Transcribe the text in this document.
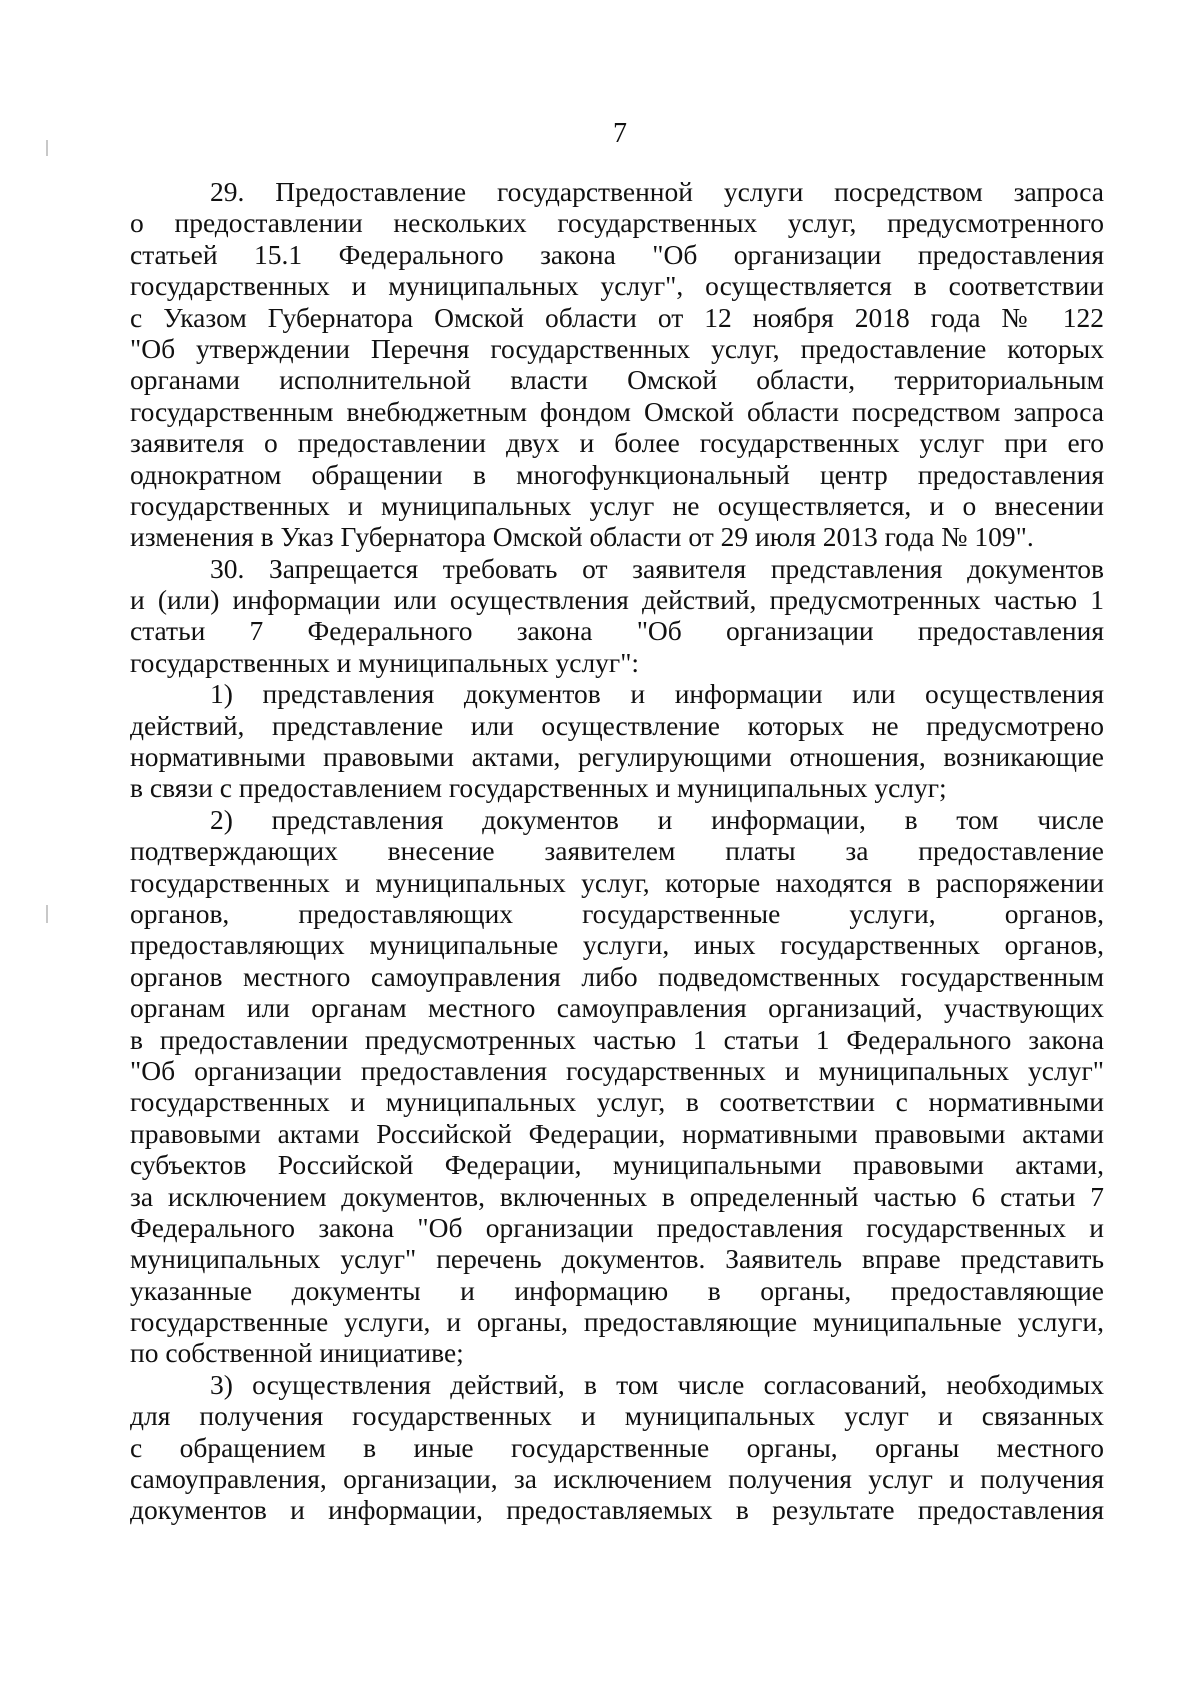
7
29. Предоставление государственной услуги посредством запроса
о предоставлении нескольких государственных услуг, предусмотренного
статьей 15.1 Федерального закона "Об организации предоставления
государственных и муниципальных услуг", осуществляется в соответствии
с Указом Губернатора Омской области от 12 ноября 2018 года № 122
"Об утверждении Перечня государственных услуг, предоставление которых
органами исполнительной власти Омской области, территориальным
государственным внебюджетным фондом Омской области посредством запроса
заявителя о предоставлении двух и более государственных услуг при его
однократном обращении в многофункциональный центр предоставления
государственных и муниципальных услуг не осуществляется, и о внесении
изменения в Указ Губернатора Омской области от 29 июля 2013 года № 109".
30. Запрещается требовать от заявителя представления документов
и (или) информации или осуществления действий, предусмотренных частью 1
статьи 7 Федерального закона "Об организации предоставления
государственных и муниципальных услуг":
1) представления документов и информации или осуществления
действий, представление или осуществление которых не предусмотрено
нормативными правовыми актами, регулирующими отношения, возникающие
в связи с предоставлением государственных и муниципальных услуг;
2) представления документов и информации, в том числе
подтверждающих внесение заявителем платы за предоставление
государственных и муниципальных услуг, которые находятся в распоряжении
органов, предоставляющих государственные услуги, органов,
предоставляющих муниципальные услуги, иных государственных органов,
органов местного самоуправления либо подведомственных государственным
органам или органам местного самоуправления организаций, участвующих
в предоставлении предусмотренных частью 1 статьи 1 Федерального закона
"Об организации предоставления государственных и муниципальных услуг"
государственных и муниципальных услуг, в соответствии с нормативными
правовыми актами Российской Федерации, нормативными правовыми актами
субъектов Российской Федерации, муниципальными правовыми актами,
за исключением документов, включенных в определенный частью 6 статьи 7
Федерального закона "Об организации предоставления государственных и
муниципальных услуг" перечень документов. Заявитель вправе представить
указанные документы и информацию в органы, предоставляющие
государственные услуги, и органы, предоставляющие муниципальные услуги,
по собственной инициативе;
3) осуществления действий, в том числе согласований, необходимых
для получения государственных и муниципальных услуг и связанных
с обращением в иные государственные органы, органы местного
самоуправления, организации, за исключением получения услуг и получения
документов и информации, предоставляемых в результате предоставления
